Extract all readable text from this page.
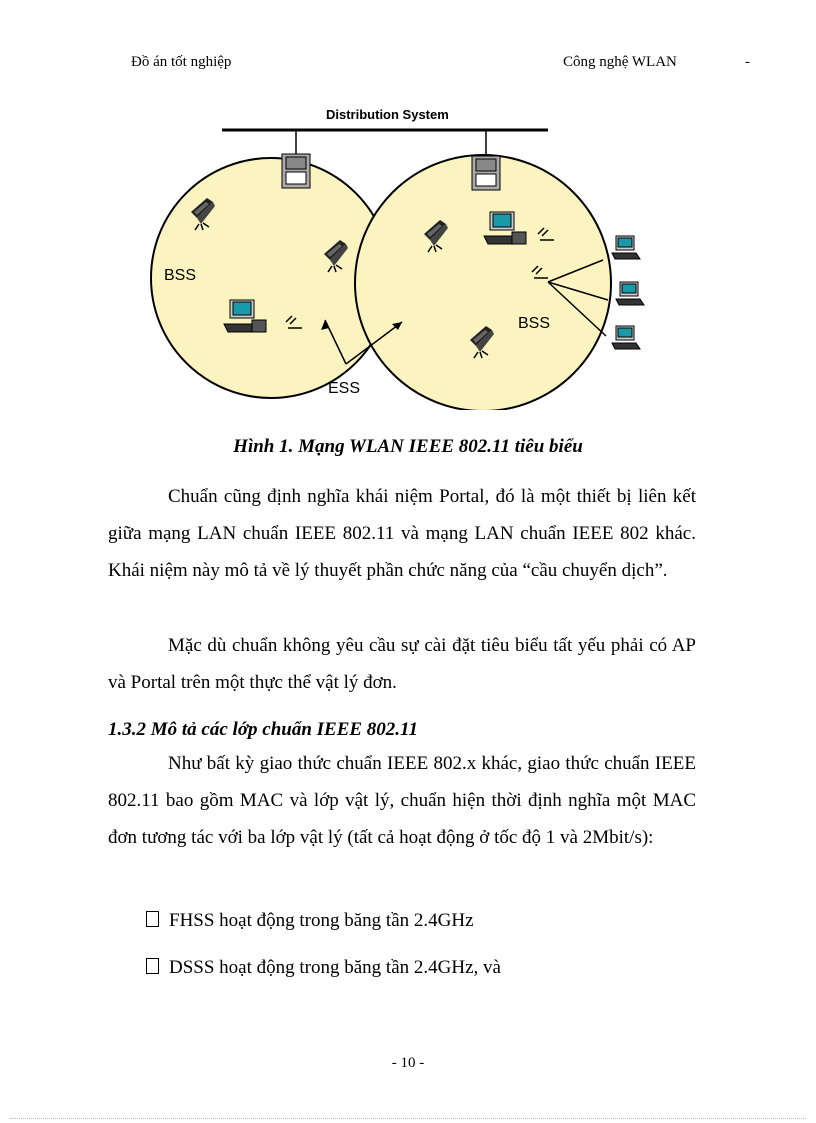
Đồ án tốt nghiệp	Công nghệ WLAN	-
Distribution System
BSS
BSS
ESS
Hình 1. Mạng WLAN IEEE 802.11 tiêu biểu

Chuẩn cũng định nghĩa khái niệm Portal, đó là một thiết bị liên kết giữa mạng LAN chuẩn IEEE 802.11 và mạng LAN chuẩn IEEE 802 khác. Khái niệm này mô tả về lý thuyết phần chức năng của “cầu chuyển dịch”.

Mặc dù chuẩn không yêu cầu sự cài đặt tiêu biểu tất yếu phải có AP và Portal trên một thực thể vật lý đơn.

1.3.2 Mô tả các lớp chuẩn IEEE 802.11

Như bất kỳ giao thức chuẩn IEEE 802.x khác, giao thức chuẩn IEEE 802.11 bao gồm MAC và lớp vật lý, chuẩn hiện thời định nghĩa một MAC đơn tương tác với ba lớp vật lý (tất cả hoạt động ở tốc độ 1 và 2Mbit/s):

FHSS hoạt động trong băng tần 2.4GHz
DSSS hoạt động trong băng tần 2.4GHz, và
- 10 -
